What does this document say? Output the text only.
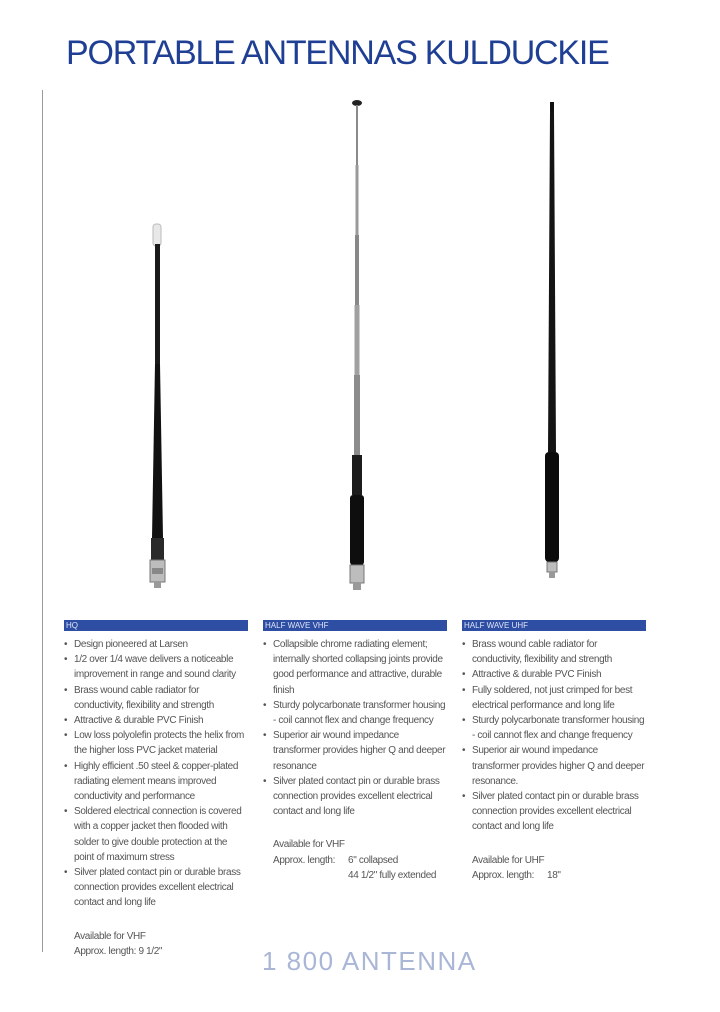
PORTABLE ANTENNAS KULDUCKIE
HQ
• Design pioneered at Larsen
• 1/2 over 1/4 wave delivers a noticeable improvement in range and sound clarity
• Brass wound cable radiator for conductivity, flexibility and strength
• Attractive & durable PVC Finish
• Low loss polyolefin protects the helix from the higher loss PVC jacket material
• Highly efficient .50 steel & copper-plated radiating element means improved conductivity and performance
• Soldered electrical connection is covered with a copper jacket then flooded with solder to give double protection at the point of maximum stress
• Silver plated contact pin or durable brass connection provides excellent electrical contact and long life
Available for VHF
Approx. length: 9 1/2"
HALF WAVE VHF
• Collapsible chrome radiating element; internally shorted collapsing joints provide good performance and attractive, durable finish
• Sturdy polycarbonate transformer housing - coil cannot flex and change frequency
• Superior air wound impedance transformer provides higher Q and deeper resonance
• Silver plated contact pin or durable brass connection provides excellent electrical contact and long life
Available for VHF
Approx. length:	6" collapsed
44 1/2" fully extended
HALF WAVE UHF
• Brass wound cable radiator for conductivity, flexibility and strength
• Attractive & durable PVC Finish
• Fully soldered, not just crimped for best electrical performance and long life
• Sturdy polycarbonate transformer housing - coil cannot flex and change frequency
• Superior air wound impedance transformer provides higher Q and deeper resonance.
• Silver plated contact pin or durable brass connection provides excellent electrical contact and long life
Available for UHF
Approx. length:	18"
1 800 ANTENNA
